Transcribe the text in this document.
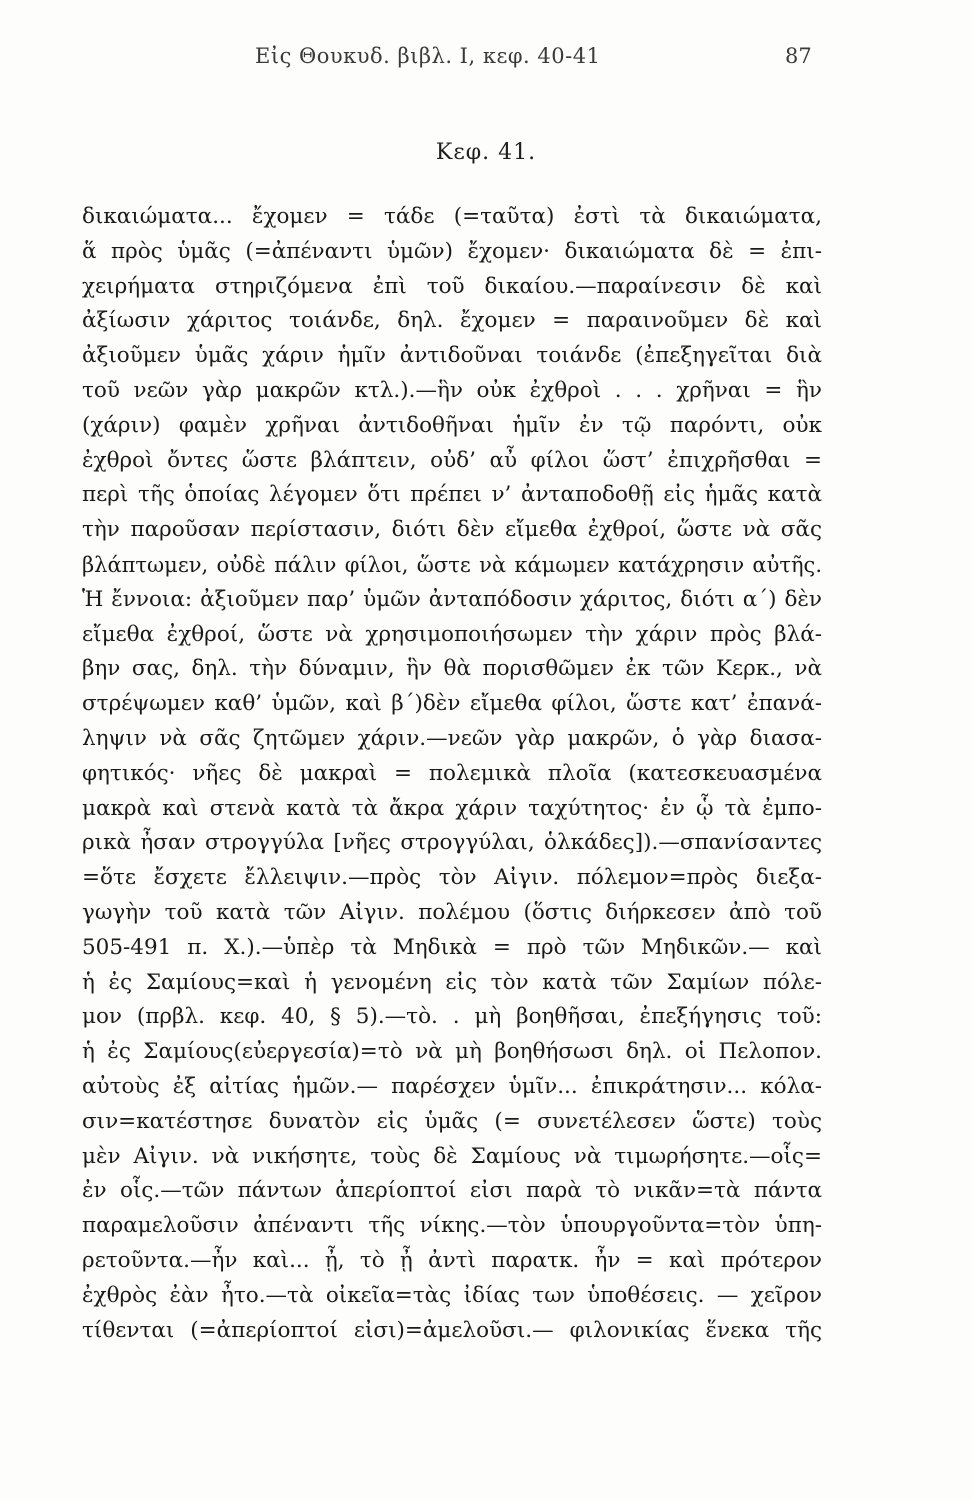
Εἰς Θουκυδ. βιβλ. I, κεφ. 40-41	87
Κεφ. 41.
δικαιώματα... ἔχομεν = τάδε (=ταῦτα) ἐστὶ τὰ δικαιώματα,
ἅ πρὸς ὑμᾶς (=ἀπέναντι ὑμῶν) ἔχομεν· δικαιώματα δὲ = ἐπι-
χειρήματα στηριζόμενα ἐπὶ τοῦ δικαίου.—παραίνεσιν δὲ καὶ
ἀξίωσιν χάριτος τοιάνδε, δηλ. ἔχομεν = παραινοῦμεν δὲ καὶ
ἀξιοῦμεν ὑμᾶς χάριν ἡμῖν ἀντιδοῦναι τοιάνδε (ἐπεξηγεῖται διὰ
τοῦ νεῶν γὰρ μακρῶν κτλ.).—ἣν οὐκ ἐχθροὶ . . . χρῆναι = ἣν
(χάριν) φαμὲν χρῆναι ἀντιδοθῆναι ἡμῖν ἐν τῷ παρόντι, οὐκ
ἐχθροὶ ὄντες ὥστε βλάπτειν, οὐδ’ αὖ φίλοι ὥστ’ ἐπιχρῆσθαι =
περὶ τῆς ὁποίας λέγομεν ὅτι πρέπει ν’ ἀνταποδοθῇ εἰς ἡμᾶς κατὰ
τὴν παροῦσαν περίστασιν, διότι δὲν εἴμεθα ἐχθροί, ὥστε νὰ σᾶς
βλάπτωμεν, οὐδὲ πάλιν φίλοι, ὥστε νὰ κάμωμεν κατάχρησιν αὐτῆς.
Ἡ ἔννοια: ἀξιοῦμεν παρ’ ὑμῶν ἀνταπόδοσιν χάριτος, διότι α΄) δὲν
εἴμεθα ἐχθροί, ὥστε νὰ χρησιμοποιήσωμεν τὴν χάριν πρὸς βλά-
βην σας, δηλ. τὴν δύναμιν, ἣν θὰ πορισθῶμεν ἐκ τῶν Κερκ., νὰ
στρέψωμεν καθ’ ὑμῶν, καὶ β΄)δὲν εἴμεθα φίλοι, ὥστε κατ’ ἐπανά-
ληψιν νὰ σᾶς ζητῶμεν χάριν.—νεῶν γὰρ μακρῶν, ὁ γὰρ διασα-
φητικός· νῆες δὲ μακραὶ = πολεμικὰ πλοῖα (κατεσκευασμένα
μακρὰ καὶ στενὰ κατὰ τὰ ἄκρα χάριν ταχύτητος· ἐν ᾧ τὰ ἐμπο-
ρικὰ ἦσαν στρογγύλα [νῆες στρογγύλαι, ὁλκάδες]).—σπανίσαντες
=ὅτε ἔσχετε ἔλλειψιν.—πρὸς τὸν Αἰγιν. πόλεμον=πρὸς διεξα-
γωγὴν τοῦ κατὰ τῶν Αἰγιν. πολέμου (ὅστις διήρκεσεν ἀπὸ τοῦ
505-491 π. Χ.).—ὑπὲρ τὰ Μηδικὰ = πρὸ τῶν Μηδικῶν.— καὶ
ἡ ἐς Σαμίους=καὶ ἡ γενομένη εἰς τὸν κατὰ τῶν Σαμίων πόλε-
μον (πρβλ. κεφ. 40, § 5).—τὸ. . μὴ βοηθῆσαι, ἐπεξήγησις τοῦ:
ἡ ἐς Σαμίους(εὐεργεσία)=τὸ νὰ μὴ βοηθήσωσι δηλ. οἱ Πελοπον.
αὐτοὺς ἐξ αἰτίας ἡμῶν.— παρέσχεν ὑμῖν... ἐπικράτησιν... κόλα-
σιν=κατέστησε δυνατὸν εἰς ὑμᾶς (= συνετέλεσεν ὥστε) τοὺς
μὲν Αἰγιν. νὰ νικήσητε, τοὺς δὲ Σαμίους νὰ τιμωρήσητε.—οἷς=
ἐν οἷς.—τῶν πάντων ἀπερίοπτοί εἰσι παρὰ τὸ νικᾶν=τὰ πάντα
παραμελοῦσιν ἀπέναντι τῆς νίκης.—τὸν ὑπουργοῦντα=τὸν ὑπη-
ρετοῦντα.—ἦν καὶ... ᾖ, τὸ ᾖ ἀντὶ παρατκ. ἦν = καὶ πρότερον
ἐχθρὸς ἐὰν ἦτο.—τὰ οἰκεῖα=τὰς ἰδίας των ὑποθέσεις. — χεῖρον
τίθενται (=ἀπερίοπτοί εἰσι)=ἀμελοῦσι.— φιλονικίας ἕνεκα τῆς
